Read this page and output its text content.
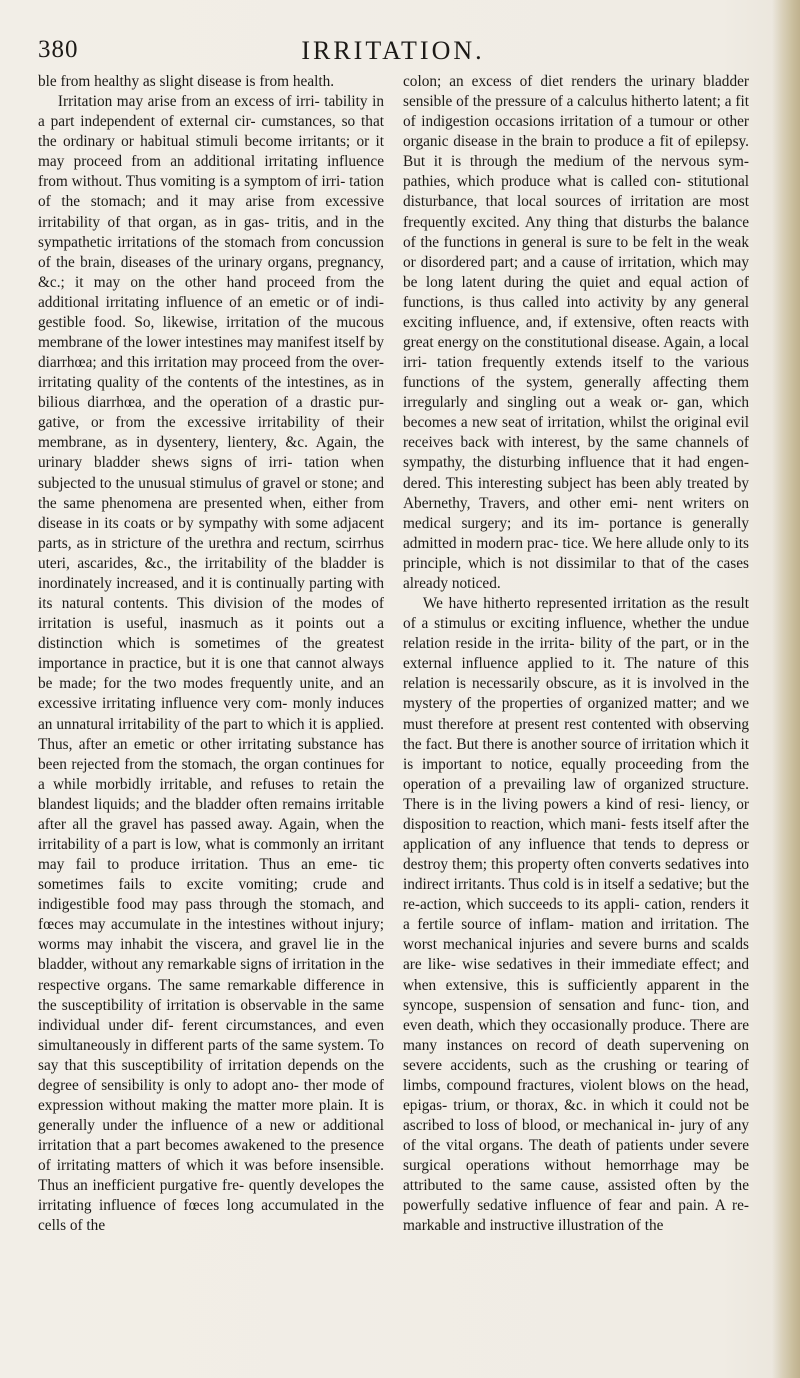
380	IRRITATION.

ble from healthy as slight disease is from health.

Irritation may arise from an excess of irri- tability in a part independent of external cir- cumstances, so that the ordinary or habitual stimuli become irritants; or it may proceed from an additional irritating influence from without. Thus vomiting is a symptom of irri- tation of the stomach; and it may arise from excessive irritability of that organ, as in gas- tritis, and in the sympathetic irritations of the stomach from concussion of the brain, diseases of the urinary organs, pregnancy, &c.; it may on the other hand proceed from the additional irritating influence of an emetic or of indi- gestible food. So, likewise, irritation of the mucous membrane of the lower intestines may manifest itself by diarrhœa; and this irritation may proceed from the over-irritating quality of the contents of the intestines, as in bilious diarrhœa, and the operation of a drastic pur- gative, or from the excessive irritability of their membrane, as in dysentery, lientery, &c. Again, the urinary bladder shews signs of irri- tation when subjected to the unusual stimulus of gravel or stone; and the same phenomena are presented when, either from disease in its coats or by sympathy with some adjacent parts, as in stricture of the urethra and rectum, scirrhus uteri, ascarides, &c., the irritability of the bladder is inordinately increased, and it is continually parting with its natural contents. This division of the modes of irritation is useful, inasmuch as it points out a distinction which is sometimes of the greatest importance in practice, but it is one that cannot always be made; for the two modes frequently unite, and an excessive irritating influence very com- monly induces an unnatural irritability of the part to which it is applied. Thus, after an emetic or other irritating substance has been rejected from the stomach, the organ continues for a while morbidly irritable, and refuses to retain the blandest liquids; and the bladder often remains irritable after all the gravel has passed away. Again, when the irritability of a part is low, what is commonly an irritant may fail to produce irritation. Thus an eme- tic sometimes fails to excite vomiting; crude and indigestible food may pass through the stomach, and fœces may accumulate in the intestines without injury; worms may inhabit the viscera, and gravel lie in the bladder, without any remarkable signs of irritation in the respective organs. The same remarkable difference in the susceptibility of irritation is observable in the same individual under dif- ferent circumstances, and even simultaneously in different parts of the same system. To say that this susceptibility of irritation depends on the degree of sensibility is only to adopt ano- ther mode of expression without making the matter more plain. It is generally under the influence of a new or additional irritation that a part becomes awakened to the presence of irritating matters of which it was before insensible. Thus an inefficient purgative fre- quently developes the irritating influence of fœces long accumulated in the cells of the

colon; an excess of diet renders the urinary bladder sensible of the pressure of a calculus hitherto latent; a fit of indigestion occasions irritation of a tumour or other organic disease in the brain to produce a fit of epilepsy. But it is through the medium of the nervous sym- pathies, which produce what is called con- stitutional disturbance, that local sources of irritation are most frequently excited. Any thing that disturbs the balance of the functions in general is sure to be felt in the weak or disordered part; and a cause of irritation, which may be long latent during the quiet and equal action of functions, is thus called into activity by any general exciting influence, and, if extensive, often reacts with great energy on the constitutional disease. Again, a local irri- tation frequently extends itself to the various functions of the system, generally affecting them irregularly and singling out a weak or- gan, which becomes a new seat of irritation, whilst the original evil receives back with interest, by the same channels of sympathy, the disturbing influence that it had engen- dered. This interesting subject has been ably treated by Abernethy, Travers, and other emi- nent writers on medical surgery; and its im- portance is generally admitted in modern prac- tice. We here allude only to its principle, which is not dissimilar to that of the cases already noticed.

We have hitherto represented irritation as the result of a stimulus or exciting influence, whether the undue relation reside in the irrita- bility of the part, or in the external influence applied to it. The nature of this relation is necessarily obscure, as it is involved in the mystery of the properties of organized matter; and we must therefore at present rest contented with observing the fact. But there is another source of irritation which it is important to notice, equally proceeding from the operation of a prevailing law of organized structure. There is in the living powers a kind of resi- liency, or disposition to reaction, which mani- fests itself after the application of any influence that tends to depress or destroy them; this property often converts sedatives into indirect irritants. Thus cold is in itself a sedative; but the re-action, which succeeds to its appli- cation, renders it a fertile source of inflam- mation and irritation. The worst mechanical injuries and severe burns and scalds are like- wise sedatives in their immediate effect; and when extensive, this is sufficiently apparent in the syncope, suspension of sensation and func- tion, and even death, which they occasionally produce. There are many instances on record of death supervening on severe accidents, such as the crushing or tearing of limbs, compound fractures, violent blows on the head, epigas- trium, or thorax, &c. in which it could not be ascribed to loss of blood, or mechanical in- jury of any of the vital organs. The death of patients under severe surgical operations without hemorrhage may be attributed to the same cause, assisted often by the powerfully sedative influence of fear and pain. A re- markable and instructive illustration of the
